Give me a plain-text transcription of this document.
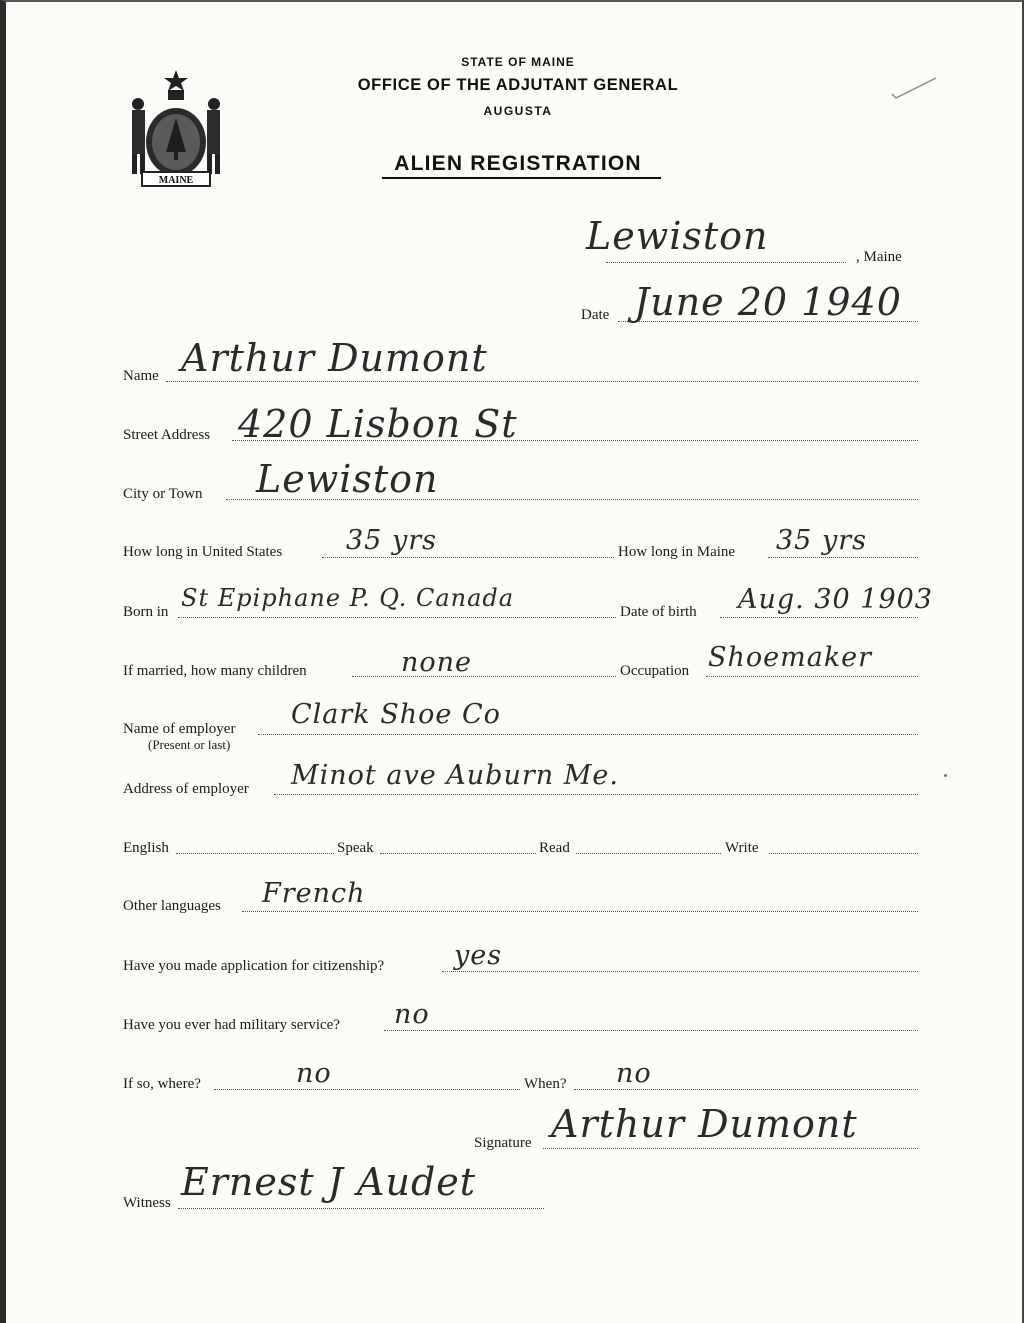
MAINE
STATE OF MAINE
OFFICE OF THE ADJUTANT GENERAL
AUGUSTA
ALIEN REGISTRATION
Lewiston	, Maine
Date June 20 1940
Name Arthur Dumont
Street Address 420 Lisbon St
City or Town Lewiston
How long in United States 35 yrs	How long in Maine 35 yrs
Born in St Epiphane P. Q. Canada	Date of birth Aug. 30 1903
If married, how many children	none	Occupation Shoemaker
Name of employer
(Present or last)
Clark Shoe Co
Address of employer Minot ave Auburn Me.
English	Speak	Read	Write
Other languages French
Have you made application for citizenship?	yes
Have you ever had military service? no
If so, where?	no	When? no
Signature Arthur Dumont
Witness Ernest J Audet
